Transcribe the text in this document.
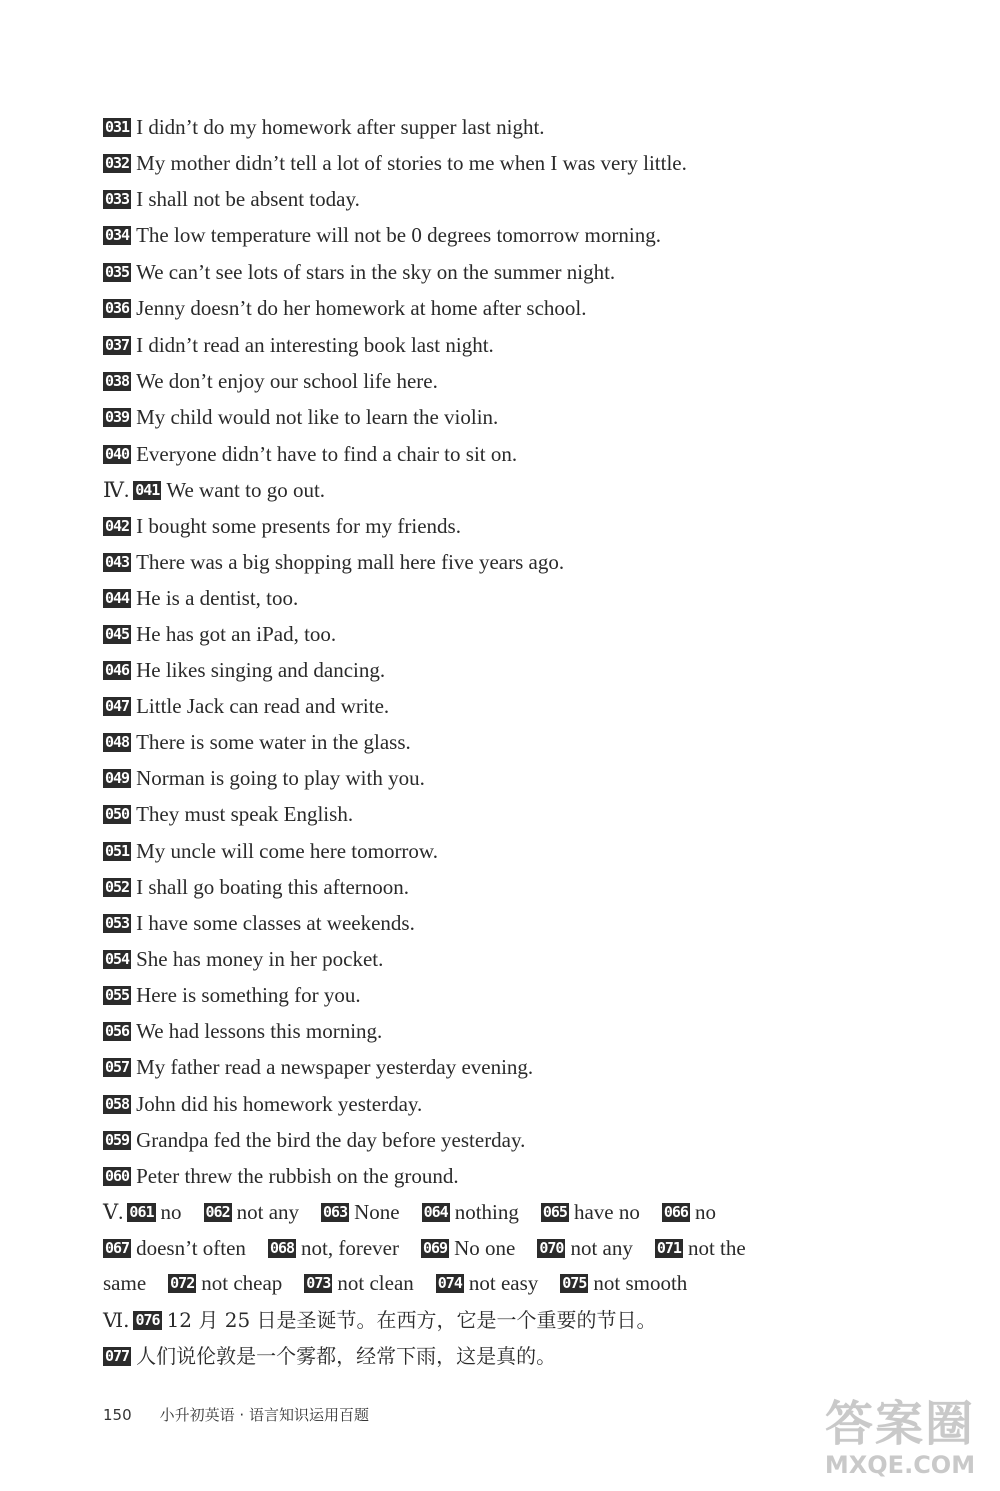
031 I didn’t do my homework after supper last night.
032 My mother didn’t tell a lot of stories to me when I was very little.
033 I shall not be absent today.
034 The low temperature will not be 0 degrees tomorrow morning.
035 We can’t see lots of stars in the sky on the summer night.
036 Jenny doesn’t do her homework at home after school.
037 I didn’t read an interesting book last night.
038 We don’t enjoy our school life here.
039 My child would not like to learn the violin.
040 Everyone didn’t have to find a chair to sit on.
Ⅳ. 041 We want to go out.
042 I bought some presents for my friends.
043 There was a big shopping mall here five years ago.
044 He is a dentist, too.
045 He has got an iPad, too.
046 He likes singing and dancing.
047 Little Jack can read and write.
048 There is some water in the glass.
049 Norman is going to play with you.
050 They must speak English.
051 My uncle will come here tomorrow.
052 I shall go boating this afternoon.
053 I have some classes at weekends.
054 She has money in her pocket.
055 Here is something for you.
056 We had lessons this morning.
057 My father read a newspaper yesterday evening.
058 John did his homework yesterday.
059 Grandpa fed the bird the day before yesterday.
060 Peter threw the rubbish on the ground.
Ⅴ. 061 no 062 not any 063 None 064 nothing 065 have no 066 no
067 doesn’t often 068 not, forever 069 No one 070 not any 071 not the
same 072 not cheap 073 not clean 074 not easy 075 not smooth
Ⅵ. 076 12 月 25 日是圣诞节。在西方，它是一个重要的节日。
077 人们说伦敦是一个雾都，经常下雨，这是真的。
150 小升初英语 · 语言知识运用百题	答案圈
MXQE.COM
